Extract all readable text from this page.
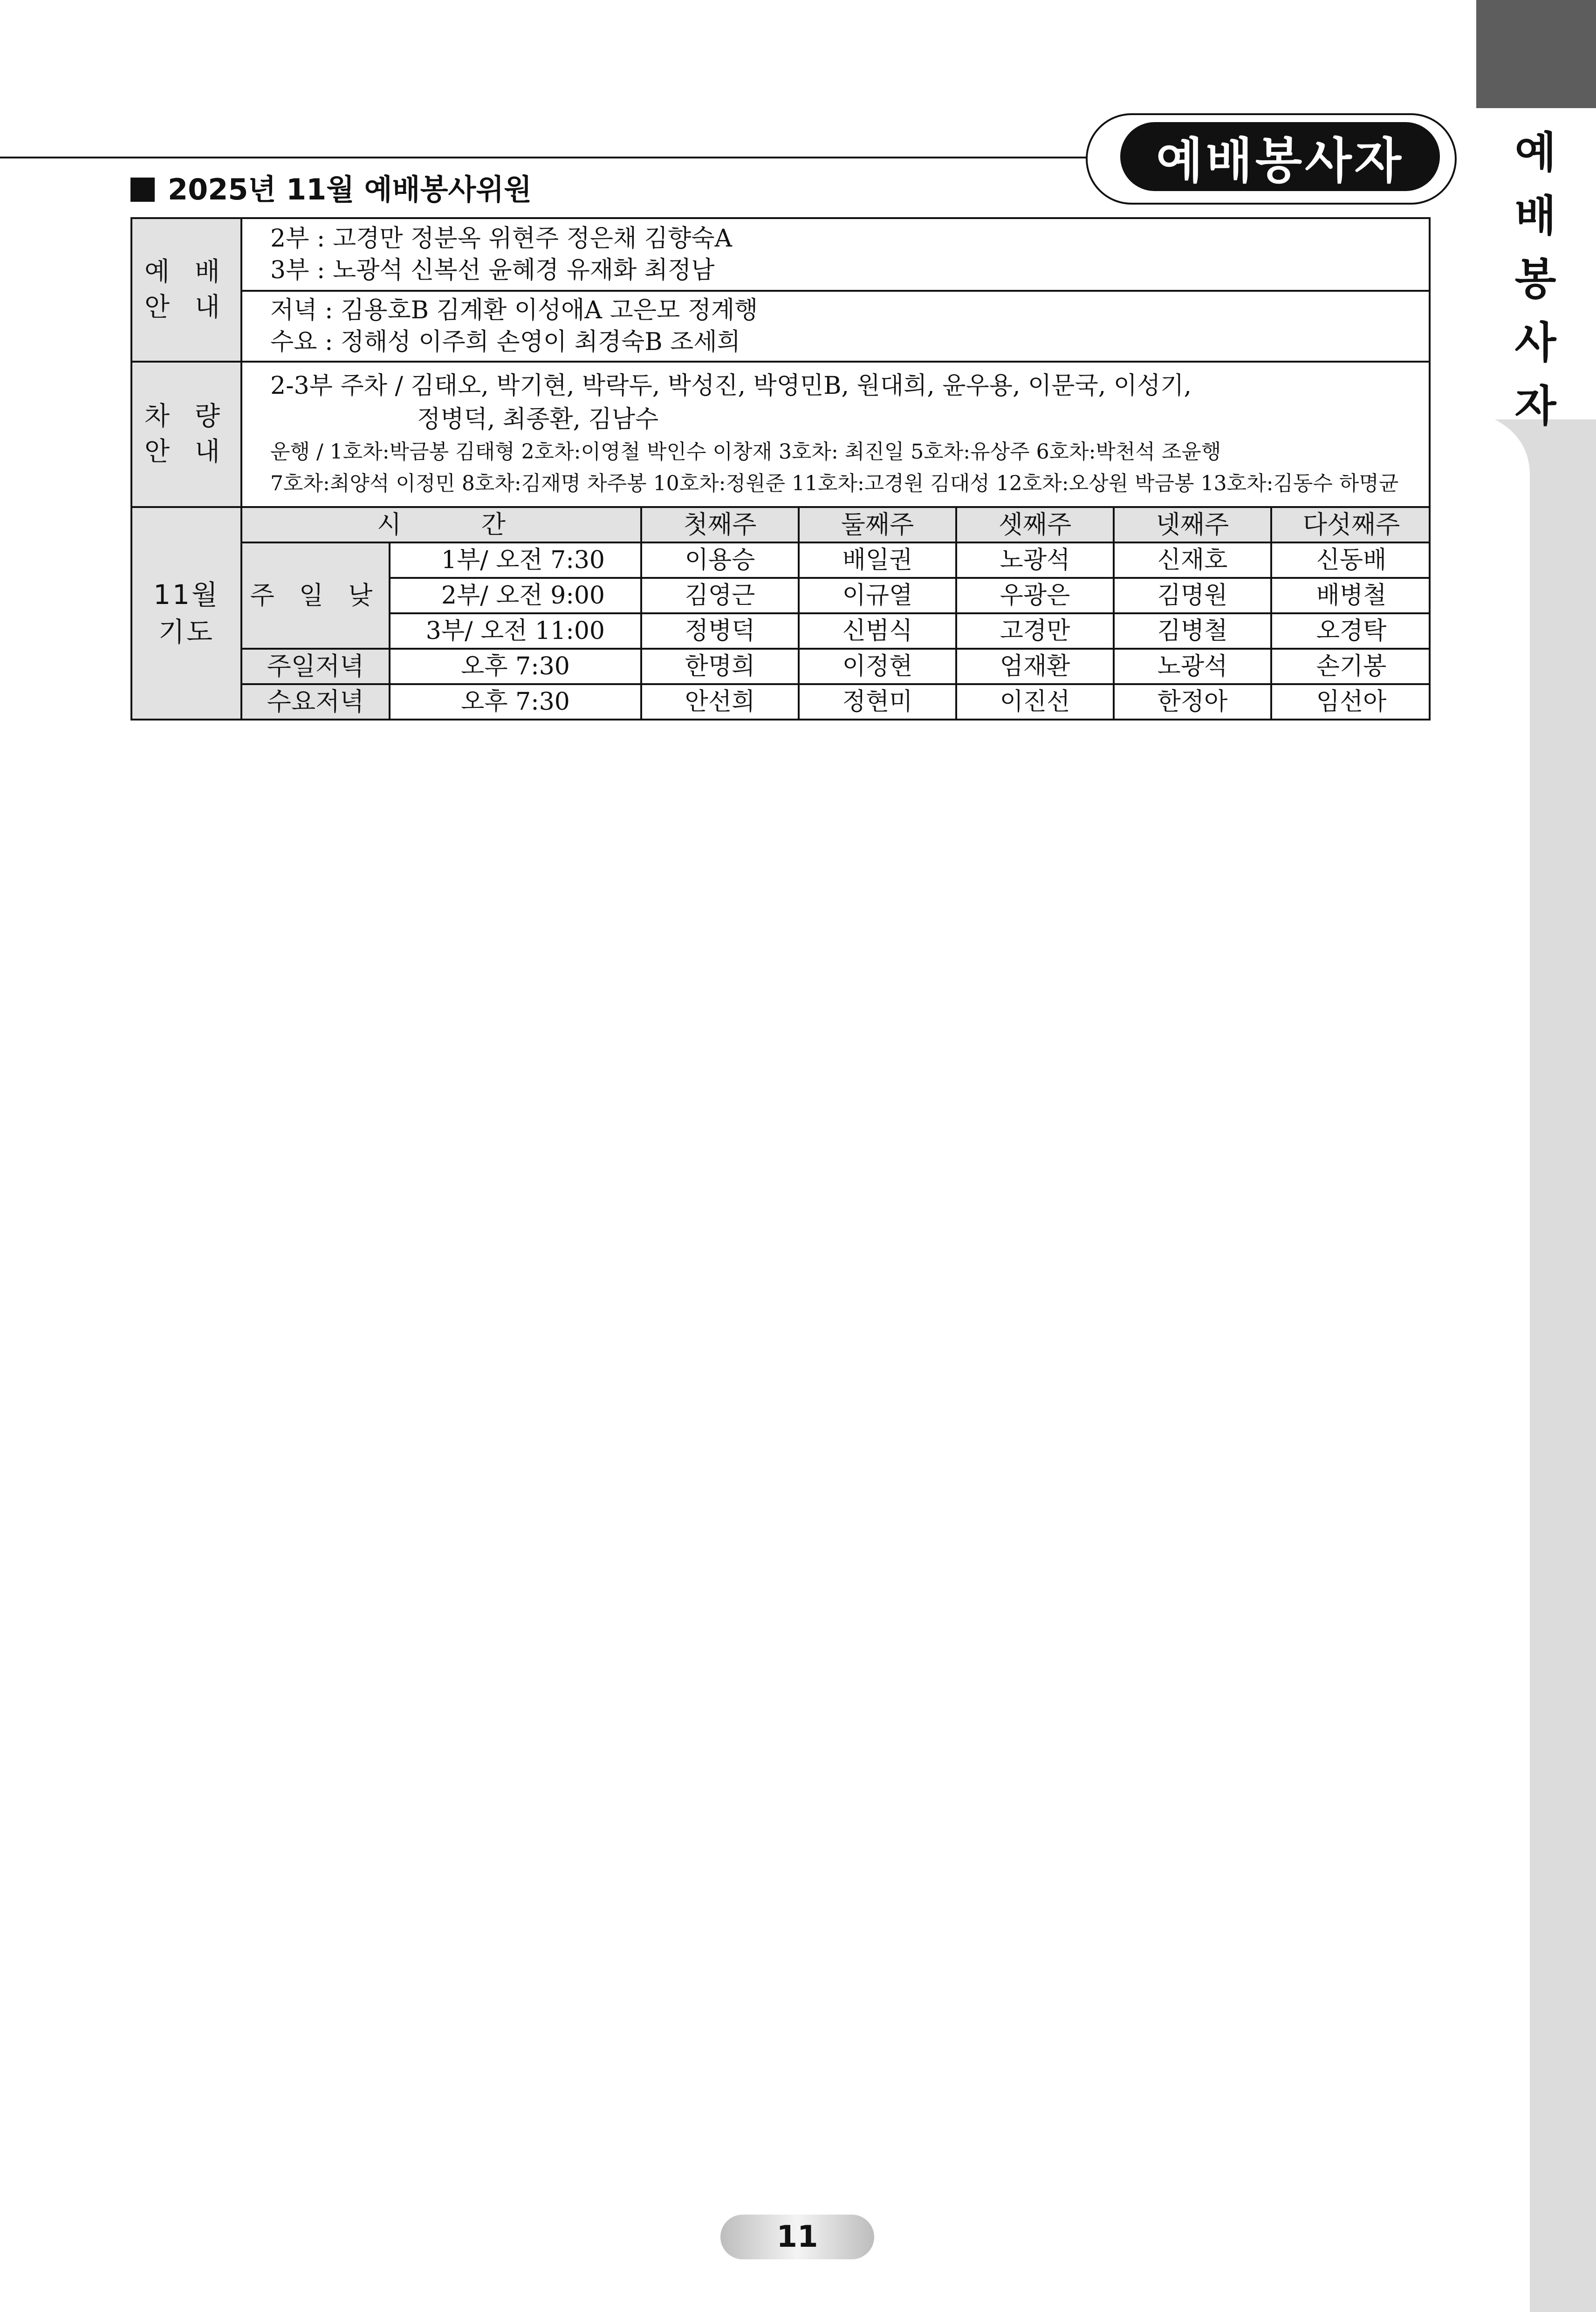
예
배
봉
사
자
예배봉사자
2025년 11월 예배봉사위원
예 배
안 내

2부 : 고경만 정분옥 위현주 정은채 김향숙A
3부 : 노광석 신복선 윤혜경 유재화 최정남

저녁 : 김용호B 김계환 이성애A 고은모 정계행
수요 : 정해성 이주희 손영이 최경숙B 조세희

차 량
안 내

2-3부 주차 / 김태오, 박기현, 박락두, 박성진, 박영민B, 원대희, 윤우용, 이문국, 이성기,
정병덕, 최종환, 김남수
운행 / 1호차:박금봉 김태형 2호차:이영철 박인수 이창재 3호차: 최진일 5호차:유상주 6호차:박천석 조윤행
7호차:최양석 이정민 8호차:김재명 차주봉 10호차:정원준 11호차:고경원 김대성 12호차:오상원 박금봉 13호차:김동수 하명균

11월
기도

시          간	첫째주	둘째주	셋째주	넷째주	다섯째주
주 일 낮	1부/ 오전 7:30	이용승	배일권	노광석	신재호	신동배
2부/ 오전 9:00	김영근	이규열	우광은	김명원	배병철
3부/ 오전 11:00	정병덕	신범식	고경만	김병철	오경탁
주일저녁	오후 7:30	한명희	이정현	엄재환	노광석	손기봉
수요저녁	오후 7:30	안선희	정현미	이진선	한정아	임선아
11
